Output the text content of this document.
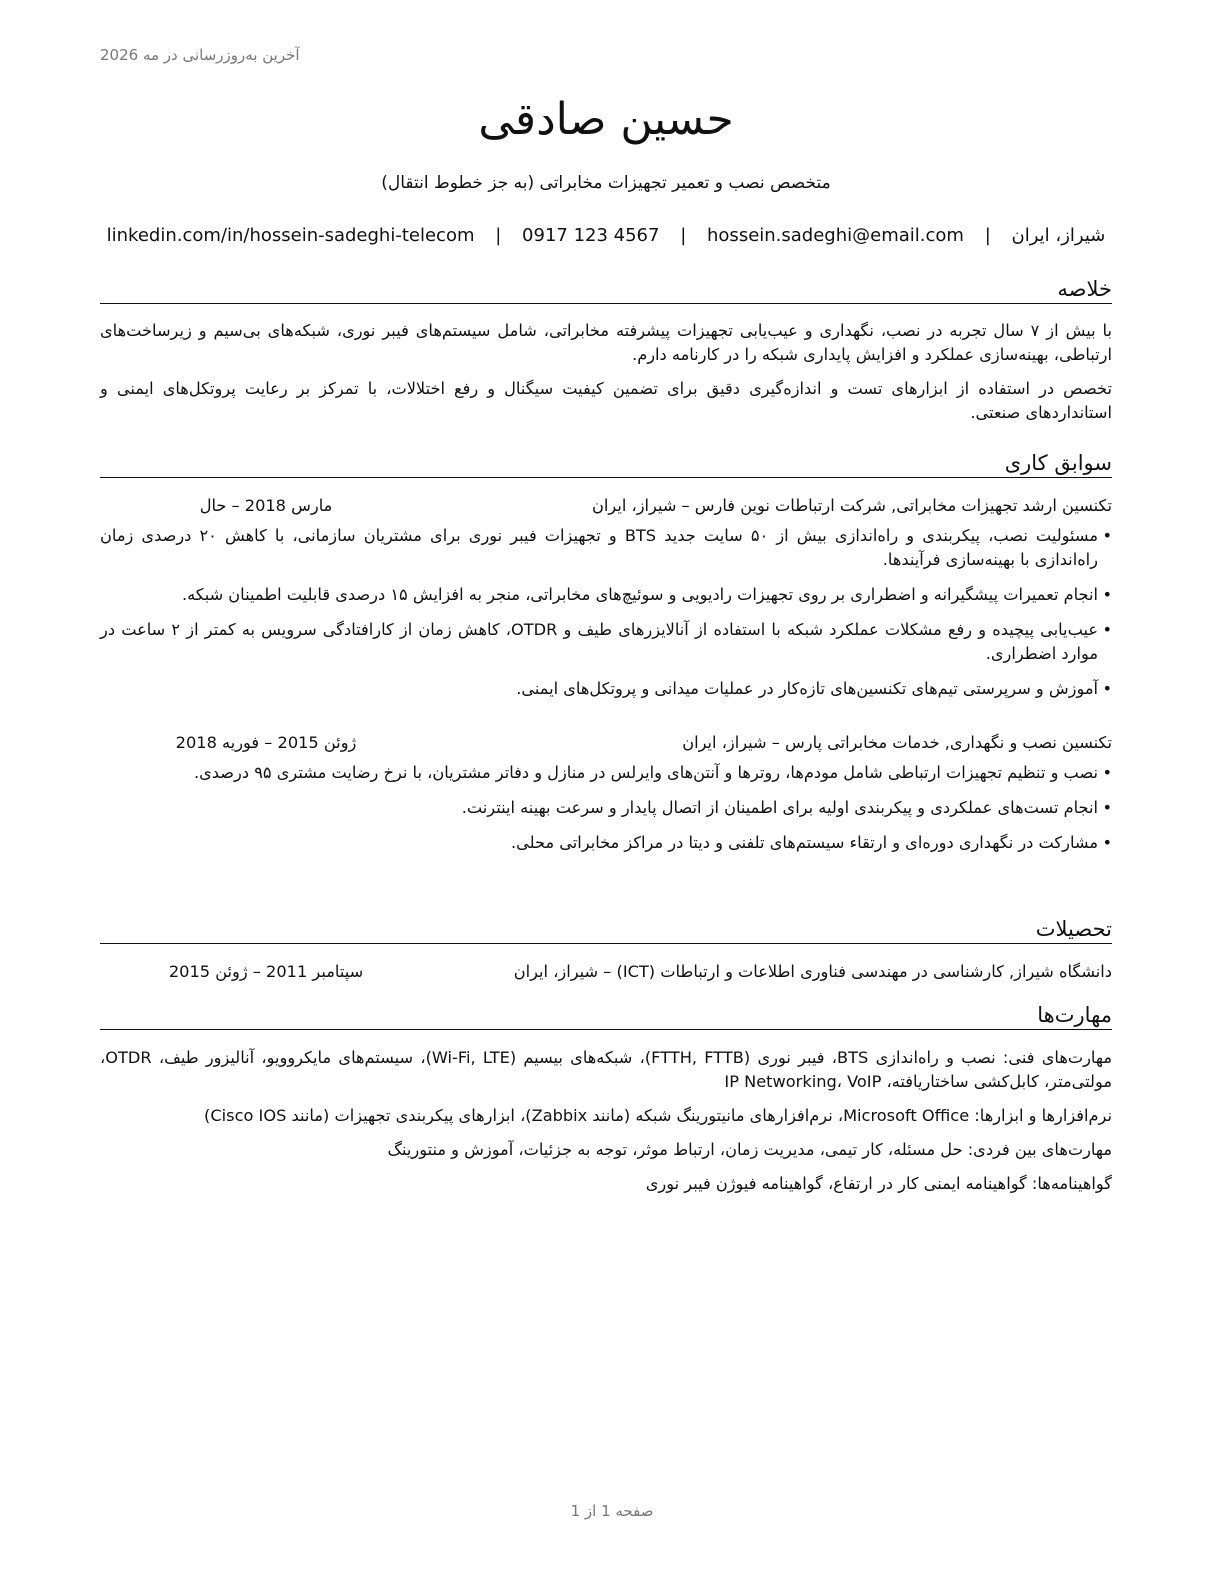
آخرین به‌روزرسانی در مه 2026
حسین صادقی
متخصص نصب و تعمیر تجهیزات مخابراتی (به جز خطوط انتقال)
شیراز، ایران | hossein.sadeghi@email.com | 0917 123 4567 | linkedin.com/in/hossein-sadeghi-telecom
خلاصه

با بیش از ۷ سال تجربه در نصب، نگهداری و عیب‌یابی تجهیزات پیشرفته مخابراتی، شامل سیستم‌های فیبر نوری، شبکه‌های بی‌سیم و زیرساخت‌های ارتباطی، بهینه‌سازی عملکرد و افزایش پایداری شبکه را در کارنامه دارم.

تخصص در استفاده از ابزارهای تست و اندازه‌گیری دقیق برای تضمین کیفیت سیگنال و رفع اختلالات، با تمرکز بر رعایت پروتکل‌های ایمنی و استانداردهای صنعتی.

سوابق کاری
تکنسین ارشد تجهیزات مخابراتی, شرکت ارتباطات نوین فارس – شیراز، ایران
مارس 2018 – حال
• مسئولیت نصب، پیکربندی و راه‌اندازی بیش از ۵۰ سایت جدید BTS و تجهیزات فیبر نوری برای مشتریان سازمانی، با کاهش ۲۰ درصدی زمان راه‌اندازی با بهینه‌سازی فرآیندها.
• انجام تعمیرات پیشگیرانه و اضطراری بر روی تجهیزات رادیویی و سوئیچ‌های مخابراتی، منجر به افزایش ۱۵ درصدی قابلیت اطمینان شبکه.
• عیب‌یابی پیچیده و رفع مشکلات عملکرد شبکه با استفاده از آنالایزرهای طیف و OTDR، کاهش زمان از کارافتادگی سرویس به کمتر از ۲ ساعت در موارد اضطراری.
• آموزش و سرپرستی تیم‌های تکنسین‌های تازه‌کار در عملیات میدانی و پروتکل‌های ایمنی.
تکنسین نصب و نگهداری, خدمات مخابراتی پارس – شیراز، ایران
ژوئن 2015 – فوریه 2018
• نصب و تنظیم تجهیزات ارتباطی شامل مودم‌ها، روترها و آنتن‌های وایرلس در منازل و دفاتر مشتریان، با نرخ رضایت مشتری ۹۵ درصدی.
• انجام تست‌های عملکردی و پیکربندی اولیه برای اطمینان از اتصال پایدار و سرعت بهینه اینترنت.
• مشارکت در نگهداری دوره‌ای و ارتقاء سیستم‌های تلفنی و دیتا در مراکز مخابراتی محلی.
تحصیلات
دانشگاه شیراز, کارشناسی در مهندسی فناوری اطلاعات و ارتباطات (ICT) – شیراز، ایران
سپتامبر 2011 – ژوئن 2015
مهارت‌ها

مهارت‌های فنی: نصب و راه‌اندازی BTS، فیبر نوری (FTTH, FTTB)، شبکه‌های بیسیم (Wi-Fi, LTE)، سیستم‌های مایکروویو، آنالیزور طیف، OTDR، مولتی‌متر، کابل‌کشی ساختاریافته، IP Networking، VoIP

نرم‌افزارها و ابزارها: Microsoft Office، نرم‌افزارهای مانیتورینگ شبکه (مانند Zabbix)، ابزارهای پیکربندی تجهیزات (مانند Cisco IOS)

مهارت‌های بین فردی: حل مسئله، کار تیمی، مدیریت زمان، ارتباط موثر، توجه به جزئیات، آموزش و منتورینگ

گواهینامه‌ها: گواهینامه ایمنی کار در ارتفاع، گواهینامه فیوژن فیبر نوری

صفحه 1 از 1
